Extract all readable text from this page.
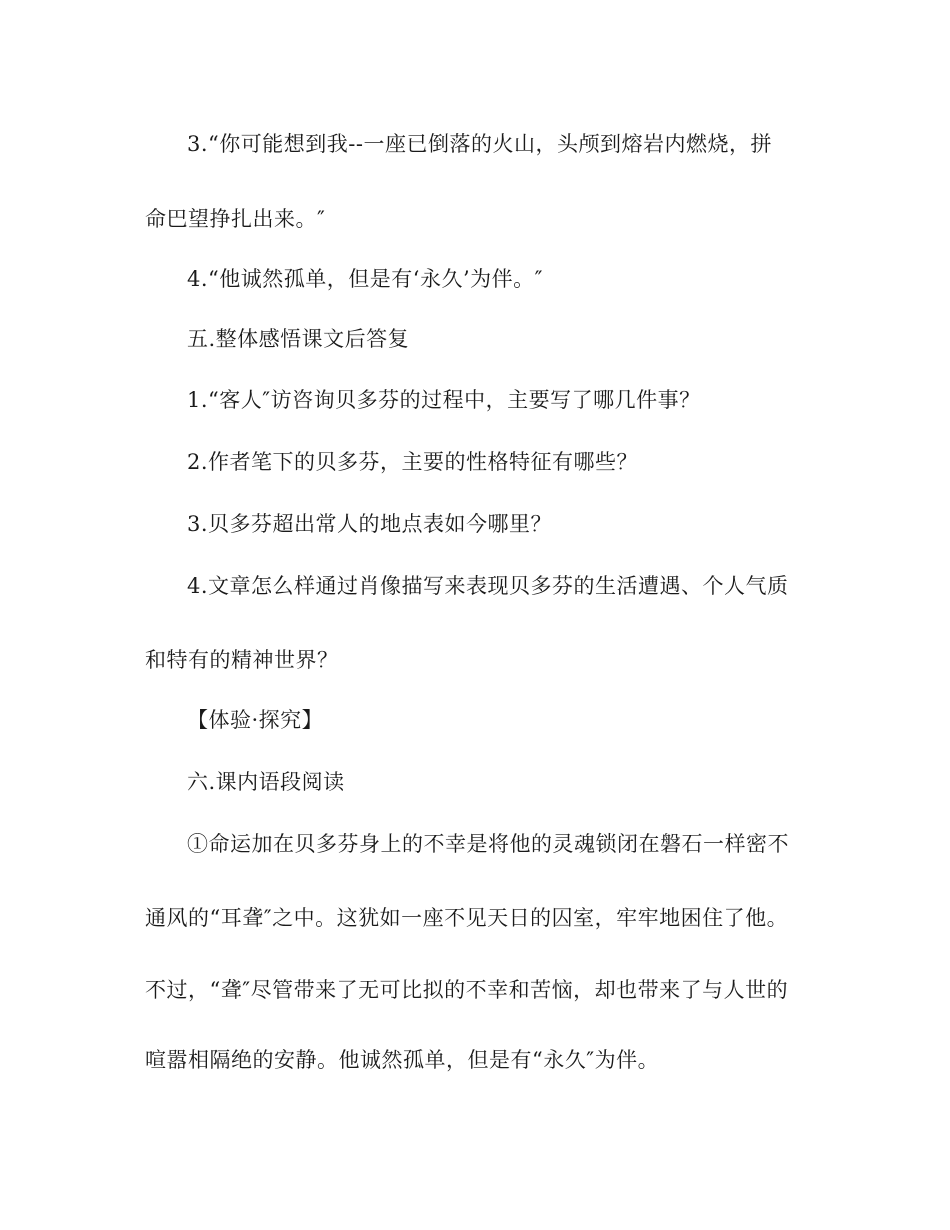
3.“你可能想到我--一座已倒落的火山，头颅到熔岩内燃烧，拼
命巴望挣扎出来。″
4.“他诚然孤单，但是有‘永久’为伴。″
五.整体感悟课文后答复
1.“客人″访咨询贝多芬的过程中，主要写了哪几件事？
2.作者笔下的贝多芬，主要的性格特征有哪些？
3.贝多芬超出常人的地点表如今哪里？
4.文章怎么样通过肖像描写来表现贝多芬的生活遭遇、个人气质
和特有的精神世界？
【体验·探究】
六.课内语段阅读
①命运加在贝多芬身上的不幸是将他的灵魂锁闭在磐石一样密不
通风的“耳聋″之中。这犹如一座不见天日的囚室，牢牢地困住了他。
不过，“聋″尽管带来了无可比拟的不幸和苦恼，却也带来了与人世的
喧嚣相隔绝的安静。他诚然孤单，但是有“永久″为伴。
